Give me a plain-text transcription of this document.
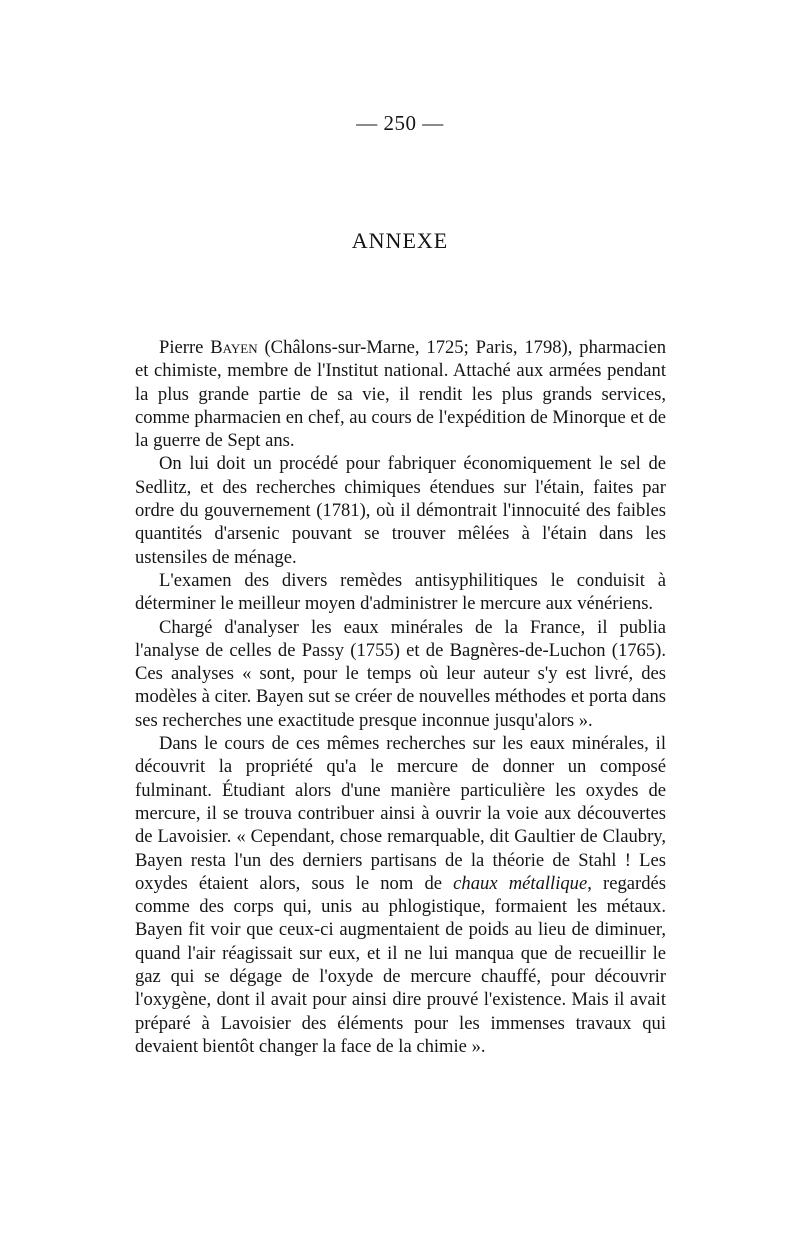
— 250 —
ANNEXE

Pierre Bayen (Châlons-sur-Marne, 1725; Paris, 1798), pharmacien et chimiste, membre de l'Institut national. Attaché aux armées pendant la plus grande partie de sa vie, il rendit les plus grands services, comme pharmacien en chef, au cours de l'expédition de Minorque et de la guerre de Sept ans.

On lui doit un procédé pour fabriquer économiquement le sel de Sedlitz, et des recherches chimiques étendues sur l'étain, faites par ordre du gouvernement (1781), où il démontrait l'innocuité des faibles quantités d'arsenic pouvant se trouver mêlées à l'étain dans les ustensiles de ménage.

L'examen des divers remèdes antisyphilitiques le conduisit à déterminer le meilleur moyen d'administrer le mercure aux vénériens.

Chargé d'analyser les eaux minérales de la France, il publia l'analyse de celles de Passy (1755) et de Bagnères-de-Luchon (1765). Ces analyses « sont, pour le temps où leur auteur s'y est livré, des modèles à citer. Bayen sut se créer de nouvelles méthodes et porta dans ses recherches une exactitude presque inconnue jusqu'alors ».

Dans le cours de ces mêmes recherches sur les eaux minérales, il découvrit la propriété qu'a le mercure de donner un composé fulminant. Étudiant alors d'une manière particulière les oxydes de mercure, il se trouva contribuer ainsi à ouvrir la voie aux découvertes de Lavoisier. « Cependant, chose remarquable, dit Gaultier de Claubry, Bayen resta l'un des derniers partisans de la théorie de Stahl ! Les oxydes étaient alors, sous le nom de chaux métallique, regardés comme des corps qui, unis au phlogistique, formaient les métaux. Bayen fit voir que ceux-ci augmentaient de poids au lieu de diminuer, quand l'air réagissait sur eux, et il ne lui manqua que de recueillir le gaz qui se dégage de l'oxyde de mercure chauffé, pour découvrir l'oxygène, dont il avait pour ainsi dire prouvé l'existence. Mais il avait préparé à Lavoisier des éléments pour les immenses travaux qui devaient bientôt changer la face de la chimie ».
